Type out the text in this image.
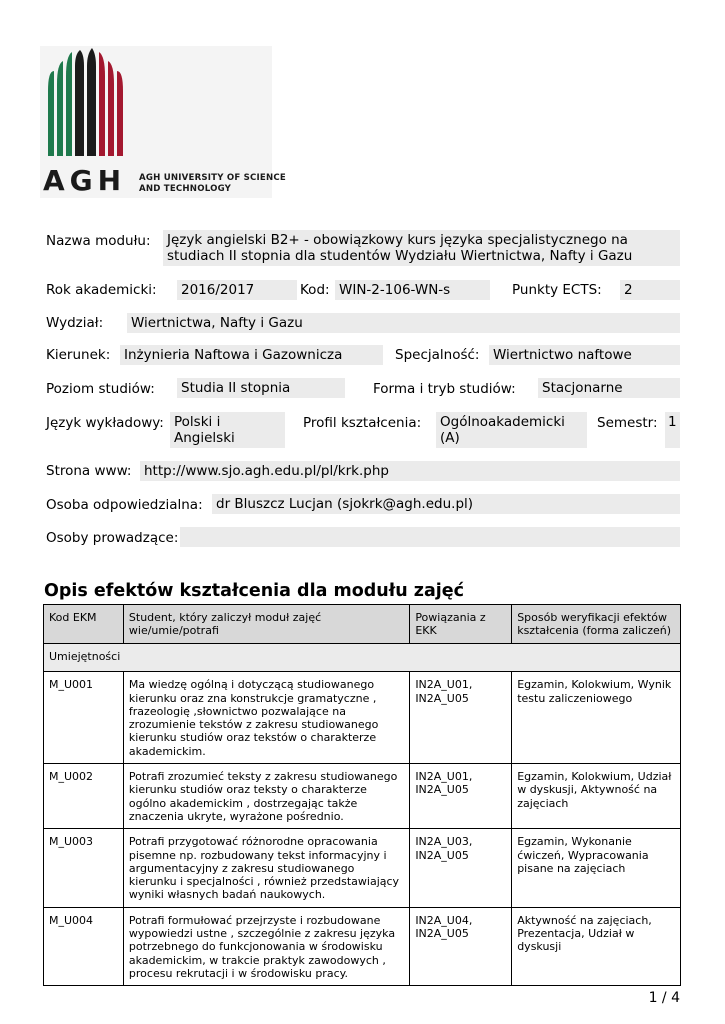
AGH AGH UNIVERSITY OF SCIENCE
AND TECHNOLOGY
Nazwa modułu: Język angielski B2+ - obowiązkowy kurs języka specjalistycznego na
studiach II stopnia dla studentów Wydziału Wiertnictwa, Nafty i Gazu
Rok akademicki: 2016/2017	Kod: WIN-2-106-WN-s	Punkty ECTS: 2
Wydział: Wiertnictwa, Nafty i Gazu
Kierunek: Inżynieria Naftowa i Gazownicza	Specjalność: Wiertnictwo naftowe
Poziom studiów: Studia II stopnia	Forma i tryb studiów: Stacjonarne
Język wykładowy: Polski i
Angielski
Profil kształcenia: Ogólnoakademicki
(A)
Semestr: 1
Strona www: http://www.sjo.agh.edu.pl/pl/krk.php
Osoba odpowiedzialna: dr Bluszcz Lucjan (sjokrk@agh.edu.pl)
Osoby prowadzące:
Opis efektów kształcenia dla modułu zajęć
Kod EKM	Student, który zaliczył moduł zajęć wie/umie/potrafi	Powiązania z EKK	Sposób weryfikacji efektów kształcenia (forma zaliczeń)
Umiejętności			
M_U001	Ma wiedzę ogólną i dotyczącą studiowanego kierunku oraz zna konstrukcje gramatyczne , frazeologię ,słownictwo pozwalające na zrozumienie tekstów z zakresu studiowanego kierunku studiów oraz tekstów o charakterze akademickim.	IN2A_U01, IN2A_U05	Egzamin, Kolokwium, Wynik testu zaliczeniowego
M_U002	Potrafi zrozumieć teksty z zakresu studiowanego kierunku studiów oraz teksty o charakterze ogólno akademickim , dostrzegając także znaczenia ukryte, wyrażone pośrednio.	IN2A_U01, IN2A_U05	Egzamin, Kolokwium, Udział w dyskusji, Aktywność na zajęciach
M_U003	Potrafi przygotować różnorodne opracowania pisemne np. rozbudowany tekst informacyjny i argumentacyjny z zakresu studiowanego kierunku i specjalności , również przedstawiający wyniki własnych badań naukowych.	IN2A_U03, IN2A_U05	Egzamin, Wykonanie ćwiczeń, Wypracowania pisane na zajęciach
M_U004	Potrafi formułować przejrzyste i rozbudowane wypowiedzi ustne , szczególnie z zakresu języka potrzebnego do funkcjonowania w środowisku akademickim, w trakcie praktyk zawodowych , procesu rekrutacji i w środowisku pracy.	IN2A_U04, IN2A_U05	Aktywność na zajęciach, Prezentacja, Udział w dyskusji
1 / 4
